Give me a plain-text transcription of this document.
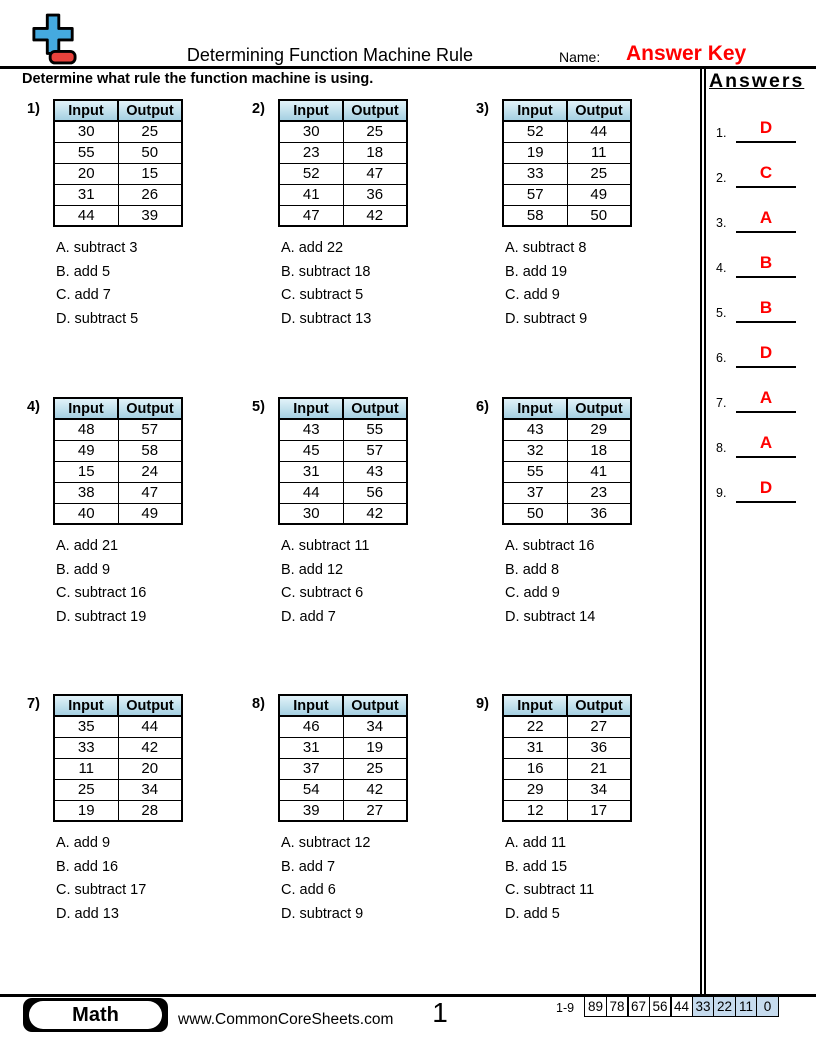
Determining Function Machine Rule	Name: Answer Key
Determine what rule the function machine is using.
1) Input	Output
30	25
55	50
20	15
31	26
44	39
A. subtract 3
B. add 5
C. add 7
D. subtract 5
2) Input	Output
30	25
23	18
52	47
41	36
47	42
A. add 22
B. subtract 18
C. subtract 5
D. subtract 13
3) Input	Output
52	44
19	11
33	25
57	49
58	50
A. subtract 8
B. add 19
C. add 9
D. subtract 9
4) Input	Output
48	57
49	58
15	24
38	47
40	49
A. add 21
B. add 9
C. subtract 16
D. subtract 19
5) Input	Output
43	55
45	57
31	43
44	56
30	42
A. subtract 11
B. add 12
C. subtract 6
D. add 7
6) Input	Output
43	29
32	18
55	41
37	23
50	36
A. subtract 16
B. add 8
C. add 9
D. subtract 14
7) Input	Output
35	44
33	42
11	20
25	34
19	28
A. add 9
B. add 16
C. subtract 17
D. add 13
8) Input	Output
46	34
31	19
37	25
54	42
39	27
A. subtract 12
B. add 7
C. add 6
D. subtract 9
9) Input	Output
22	27
31	36
16	21
29	34
12	17
A. add 11
B. add 15
C. subtract 11
D. add 5
Answers
1.	D
2.	C
3.	A
4.	B
5.	B
6.	D
7.	A
8.	A
9.	D
Math	www.CommonCoreSheets.com	1	1-9 89 78 67 56 44 33 22 11 0
